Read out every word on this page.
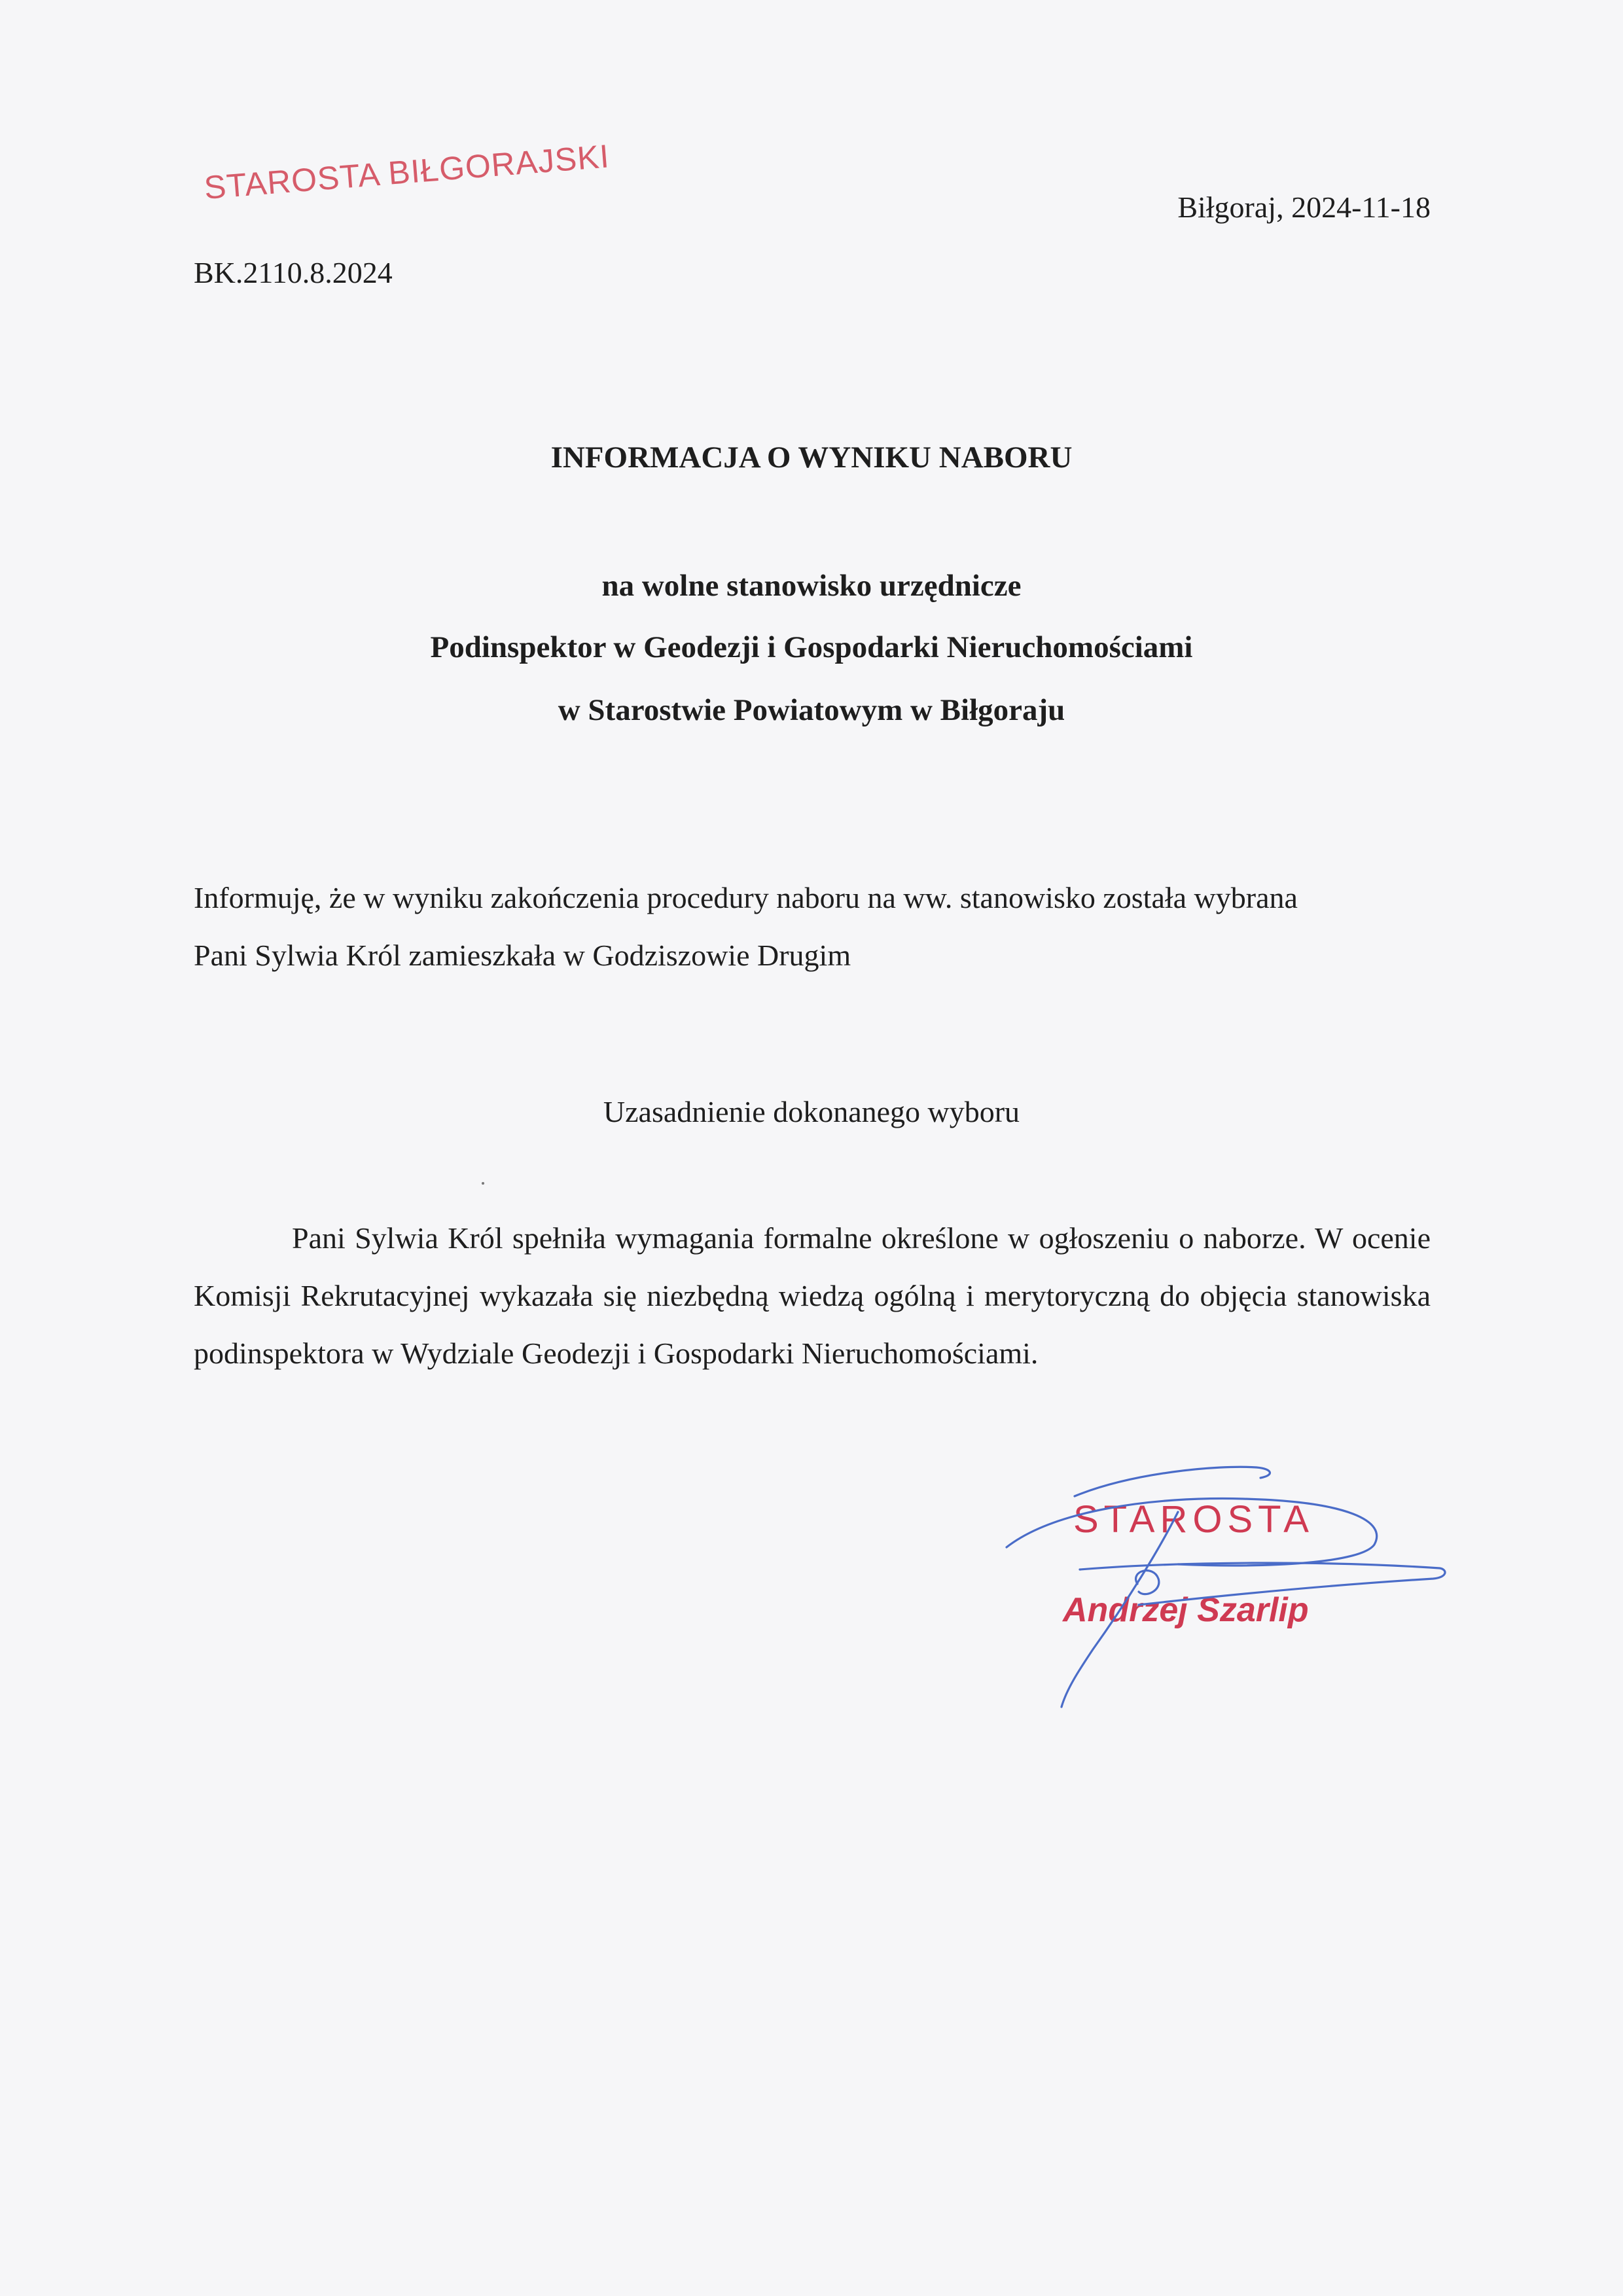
STAROSTA BIŁGORAJSKI
Biłgoraj, 2024-11-18
BK.2110.8.2024
INFORMACJA O WYNIKU NABORU
na wolne stanowisko urzędnicze
Podinspektor w Geodezji i Gospodarki Nieruchomościami
w Starostwie Powiatowym w Biłgoraju
Informuję, że w wyniku zakończenia procedury naboru na ww. stanowisko została wybrana
Pani Sylwia Król zamieszkała w Godziszowie Drugim
Uzasadnienie dokonanego wyboru
Pani Sylwia Król spełniła wymagania formalne określone w ogłoszeniu o naborze. W ocenie Komisji Rekrutacyjnej wykazała się niezbędną wiedzą ogólną i merytoryczną do objęcia stanowiska podinspektora w Wydziale Geodezji i Gospodarki Nieruchomościami.
STAROSTA
Andrzej Szarlip
